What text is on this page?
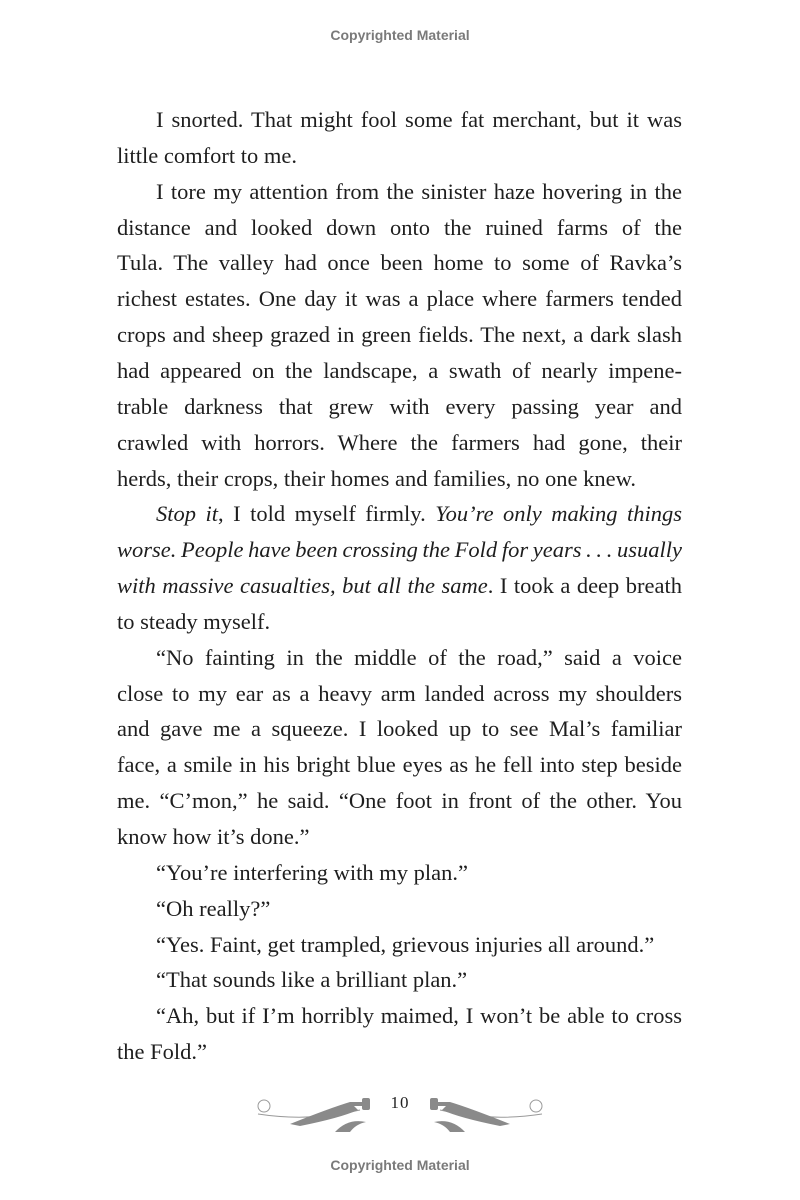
Copyrighted Material
I snorted. That might fool some fat merchant, but it was
little comfort to me.
I tore my attention from the sinister haze hovering in the
distance and looked down onto the ruined farms of the
Tula. The valley had once been home to some of Ravka’s
richest estates. One day it was a place where farmers tended
crops and sheep grazed in green fields. The next, a dark slash
had appeared on the landscape, a swath of nearly impene-
trable darkness that grew with every passing year and
crawled with horrors. Where the farmers had gone, their
herds, their crops, their homes and families, no one knew.
Stop it, I told myself firmly. You’re only making things
worse. People have been crossing the Fold for years . . . usually
with massive casualties, but all the same. I took a deep breath
to steady myself.
“No fainting in the middle of the road,” said a voice
close to my ear as a heavy arm landed across my shoulders
and gave me a squeeze. I looked up to see Mal’s familiar
face, a smile in his bright blue eyes as he fell into step beside
me. “C’mon,” he said. “One foot in front of the other. You
know how it’s done.”
“You’re interfering with my plan.”
“Oh really?”
“Yes. Faint, get trampled, grievous injuries all around.”
“That sounds like a brilliant plan.”
“Ah, but if I’m horribly maimed, I won’t be able to cross
the Fold.”
10
Copyrighted Material
